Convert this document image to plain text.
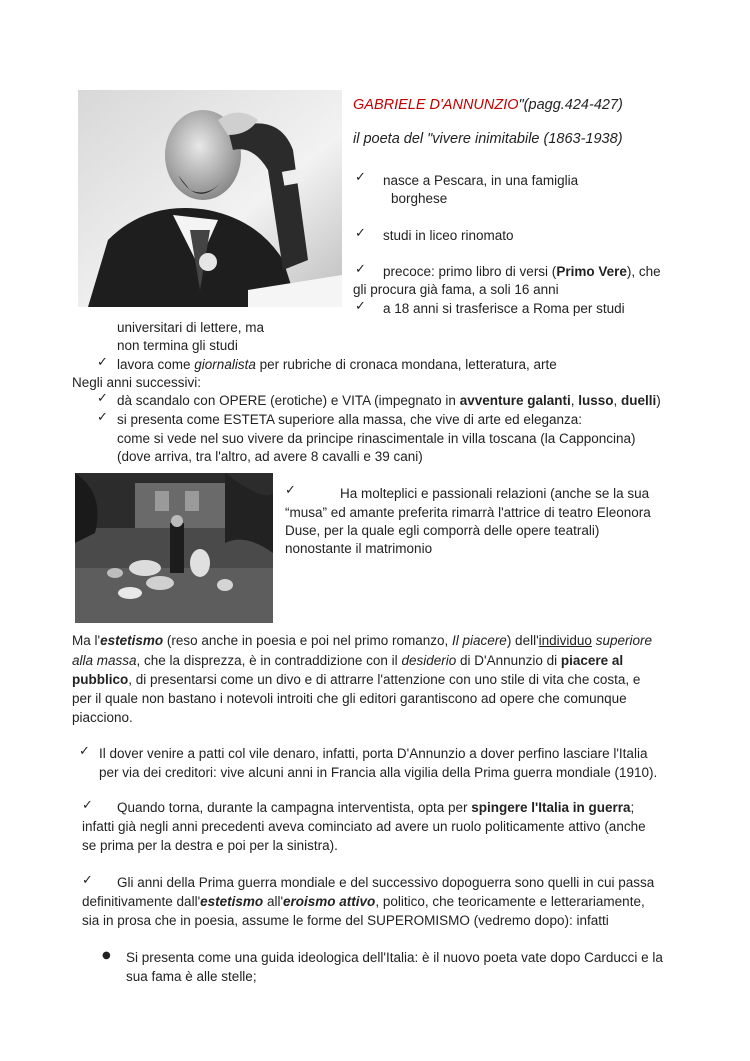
GABRIELE D'ANNUNZIO"(pagg.424-427)
il poeta del "vivere inimitabile (1863-1938)
✓ nasce a Pescara, in una famiglia
borghese
✓ studi in liceo rinomato
✓ precoce: primo libro di versi (Primo Vere), che
gli procura già fama, a soli 16 anni
✓ a 18 anni si trasferisce a Roma per studi
universitari di lettere, ma
non termina gli studi
✓ lavora come giornalista per rubriche di cronaca mondana, letteratura, arte
Negli anni successivi:
✓ dà scandalo con OPERE (erotiche) e VITA (impegnato in avventure galanti, lusso, duelli)
✓ si presenta come ESTETA superiore alla massa, che vive di arte ed eleganza:
come si vede nel suo vivere da principe rinascimentale in villa toscana (la Capponcina)
(dove arriva, tra l'altro, ad avere 8 cavalli e 39 cani)
✓	Ha molteplici e passionali relazioni (anche se la sua
“musa” ed amante preferita rimarrà l'attrice di teatro Eleonora
Duse, per la quale egli comporrà delle opere teatrali)
nonostante il matrimonio
Ma l'estetismo (reso anche in poesia e poi nel primo romanzo, Il piacere) dell'individuo superiore
alla massa, che la disprezza, è in contraddizione con il desiderio di D'Annunzio di piacere al
pubblico, di presentarsi come un divo e di attrarre l'attenzione con uno stile di vita che costa, e
per il quale non bastano i notevoli introiti che gli editori garantiscono ad opere che comunque
piacciono.
✓ Il dover venire a patti col vile denaro, infatti, porta D'Annunzio a dover perfino lasciare l'Italia
per via dei creditori: vive alcuni anni in Francia alla vigilia della Prima guerra mondiale (1910).
✓ Quando torna, durante la campagna interventista, opta per spingere l'Italia in guerra;
infatti già negli anni precedenti aveva cominciato ad avere un ruolo politicamente attivo (anche
se prima per la destra e poi per la sinistra).
✓ Gli anni della Prima guerra mondiale e del successivo dopoguerra sono quelli in cui passa
definitivamente dall'estetismo all'eroismo attivo, politico, che teoricamente e letterariamente,
sia in prosa che in poesia, assume le forme del SUPEROMISMO (vedremo dopo): infatti
● Si presenta come una guida ideologica dell'Italia: è il nuovo poeta vate dopo Carducci e la
sua fama è alle stelle;
